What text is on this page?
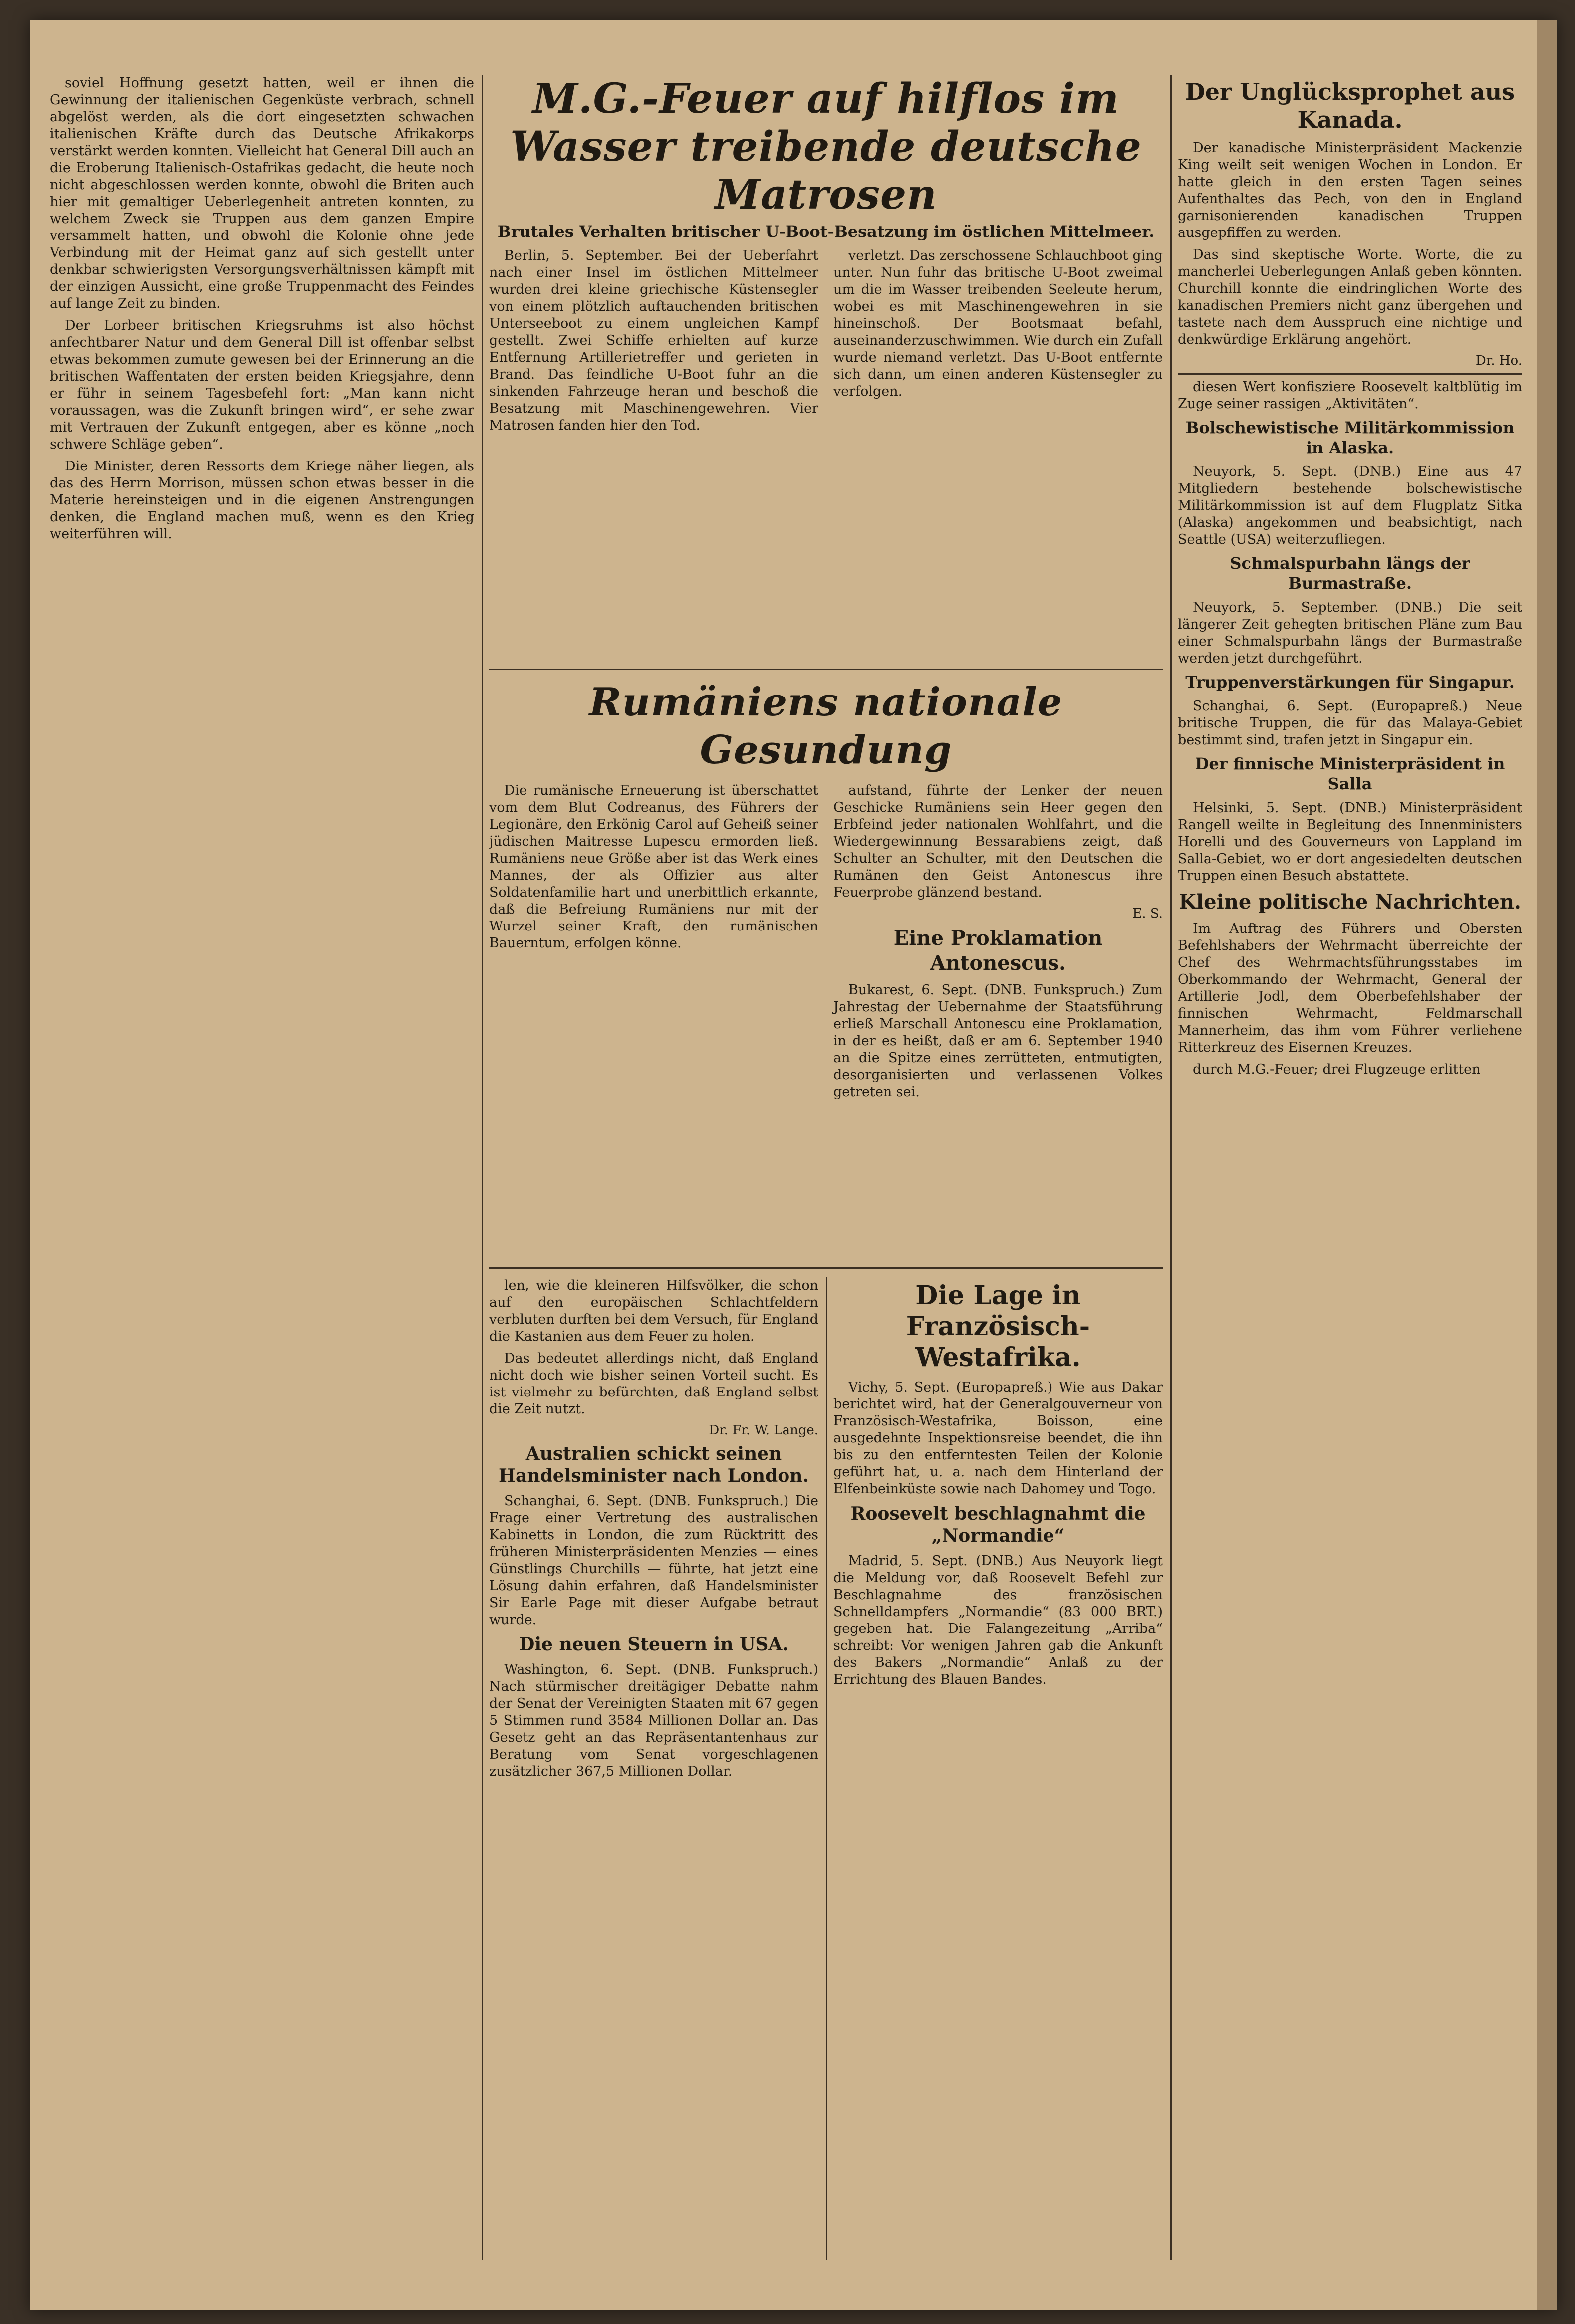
soviel Hoffnung gesetzt hatten, weil er ihnen die Gewinnung der italienischen Gegenküste verbrach, schnell abgelöst werden, als die dort eingesetzten schwachen italienischen Kräfte durch das Deutsche Afrikakorps verstärkt werden konnten. Vielleicht hat General Dill auch an die Eroberung Italienisch-Ostafrikas gedacht, die heute noch nicht abgeschlossen werden konnte, obwohl die Briten auch hier mit gemaltiger Ueberlegenheit antreten konnten, zu welchem Zweck sie Truppen aus dem ganzen Empire versammelt hatten, und obwohl die Kolonie ohne jede Verbindung mit der Heimat ganz auf sich gestellt unter denkbar schwierigsten Versorgungsverhältnissen kämpft mit der einzigen Aussicht, eine große Truppenmacht des Feindes auf lange Zeit zu binden.

Der Lorbeer britischen Kriegsruhms ist also höchst anfechtbarer Natur und dem General Dill ist offenbar selbst etwas bekommen zumute gewesen bei der Erinnerung an die britischen Waffentaten der ersten beiden Kriegsjahre, denn er führ in seinem Tagesbefehl fort: „Man kann nicht voraussagen, was die Zukunft bringen wird“, er sehe zwar mit Vertrauen der Zukunft entgegen, aber es könne „noch schwere Schläge geben“.

Die Minister, deren Ressorts dem Kriege näher liegen, als das des Herrn Morrison, müssen schon etwas besser in die Materie hereinsteigen und in die eigenen Anstrengungen denken, die England machen muß, wenn es den Krieg weiterführen will.

M.G.-Feuer auf hilflos im Wasser treibende deutsche Matrosen
Brutales Verhalten britischer U-Boot-Besatzung im östlichen Mittelmeer.

Berlin, 5. September. Bei der Ueberfahrt nach einer Insel im östlichen Mittelmeer wurden drei kleine griechische Küstensegler von einem plötzlich auftauchenden britischen Unterseeboot zu einem ungleichen Kampf gestellt. Zwei Schiffe erhielten auf kurze Entfernung Artillerietreffer und gerieten in Brand. Das feindliche U-Boot fuhr an die sinkenden Fahrzeuge heran und beschoß die Besatzung mit Maschinengewehren. Vier Matrosen fanden hier den Tod.

verletzt. Das zerschossene Schlauchboot ging unter. Nun fuhr das britische U-Boot zweimal um die im Wasser treibenden Seeleute herum, wobei es mit Maschinengewehren in sie hineinschoß. Der Bootsmaat befahl, auseinanderzuschwimmen. Wie durch ein Zufall wurde niemand verletzt. Das U-Boot entfernte sich dann, um einen anderen Küstensegler zu verfolgen.

Rumäniens nationale Gesundung

Die rumänische Erneuerung ist überschattet vom dem Blut Codreanus, des Führers der Legionäre, den Erkönig Carol auf Geheiß seiner jüdischen Maitresse Lupescu ermorden ließ. Rumäniens neue Größe aber ist das Werk eines Mannes, der als Offizier aus alter Soldatenfamilie hart und unerbittlich erkannte, daß die Befreiung Rumäniens nur mit der Wurzel seiner Kraft, den rumänischen Bauerntum, erfolgen könne.

aufstand, führte der Lenker der neuen Geschicke Rumäniens sein Heer gegen den Erbfeind jeder nationalen Wohlfahrt, und die Wiedergewinnung Bessarabiens zeigt, daß Schulter an Schulter, mit den Deutschen die Rumänen den Geist Antonescus ihre Feuerprobe glänzend bestand.

E. S.

Eine Proklamation Antonescus.

Bukarest, 6. Sept. (DNB. Funkspruch.) Zum Jahrestag der Uebernahme der Staatsführung erließ Marschall Antonescu eine Proklamation, in der es heißt, daß er am 6. September 1940 an die Spitze eines zerrütteten, entmutigten, desorganisierten und verlassenen Volkes getreten sei.

len, wie die kleineren Hilfsvölker, die schon auf den europäischen Schlachtfeldern verbluten durften bei dem Versuch, für England die Kastanien aus dem Feuer zu holen.

Das bedeutet allerdings nicht, daß England nicht doch wie bisher seinen Vorteil sucht. Es ist vielmehr zu befürchten, daß England selbst die Zeit nutzt.

Dr. Fr. W. Lange.

Australien schickt seinen Handelsminister nach London.

Schanghai, 6. Sept. (DNB. Funkspruch.) Die Frage einer Vertretung des australischen Kabinetts in London, die zum Rücktritt des früheren Ministerpräsidenten Menzies — eines Günstlings Churchills — führte, hat jetzt eine Lösung dahin erfahren, daß Handelsminister Sir Earle Page mit dieser Aufgabe betraut wurde.

Die neuen Steuern in USA.

Washington, 6. Sept. (DNB. Funkspruch.) Nach stürmischer dreitägiger Debatte nahm der Senat der Vereinigten Staaten mit 67 gegen 5 Stimmen rund 3584 Millionen Dollar an. Das Gesetz geht an das Repräsentantenhaus zur Beratung vom Senat vorgeschlagenen zusätzlicher 367,5 Millionen Dollar.

Die Lage in Französisch-Westafrika.

Vichy, 5. Sept. (Europapreß.) Wie aus Dakar berichtet wird, hat der Generalgouverneur von Französisch-Westafrika, Boisson, eine ausgedehnte Inspektionsreise beendet, die ihn bis zu den entferntesten Teilen der Kolonie geführt hat, u. a. nach dem Hinterland der Elfenbeinküste sowie nach Dahomey und Togo.

Roosevelt beschlagnahmt die „Normandie“

Madrid, 5. Sept. (DNB.) Aus Neuyork liegt die Meldung vor, daß Roosevelt Befehl zur Beschlagnahme des französischen Schnelldampfers „Normandie“ (83 000 BRT.) gegeben hat. Die Falangezeitung „Arriba“ schreibt: Vor wenigen Jahren gab die Ankunft des Bakers „Normandie“ Anlaß zu der Errichtung des Blauen Bandes.

Der Unglücksprophet aus Kanada.

Der kanadische Ministerpräsident Mackenzie King weilt seit wenigen Wochen in London. Er hatte gleich in den ersten Tagen seines Aufenthaltes das Pech, von den in England garnisonierenden kanadischen Truppen ausgepfiffen zu werden.

Das sind skeptische Worte. Worte, die zu mancherlei Ueberlegungen Anlaß geben könnten. Churchill konnte die eindringlichen Worte des kanadischen Premiers nicht ganz übergehen und tastete nach dem Ausspruch eine nichtige und denkwürdige Erklärung angehört.

Dr. Ho.

diesen Wert konfiszierе Roosevelt kaltblütig im Zuge seiner rassigen „Aktivitäten“.

Bolschewistische Militärkommission in Alaska.

Neuyork, 5. Sept. (DNB.) Eine aus 47 Mitgliedern bestehende bolschewistische Militärkommission ist auf dem Flugplatz Sitka (Alaska) angekommen und beabsichtigt, nach Seattle (USA) weiterzufliegen.

Schmalspurbahn längs der Burmastraße.

Neuyork, 5. September. (DNB.) Die seit längerer Zeit gehegten britischen Pläne zum Bau einer Schmalspurbahn längs der Burmastraße werden jetzt durchgeführt.

Truppenverstärkungen für Singapur.

Schanghai, 6. Sept. (Europapreß.) Neue britische Truppen, die für das Malaya-Gebiet bestimmt sind, trafen jetzt in Singapur ein.

Der finnische Ministerpräsident in Salla

Helsinki, 5. Sept. (DNB.) Ministerpräsident Rangell weilte in Begleitung des Innenministers Horelli und des Gouverneurs von Lappland im Salla-Gebiet, wo er dort angesiedelten deutschen Truppen einen Besuch abstattete.

Kleine politische Nachrichten.

Im Auftrag des Führers und Obersten Befehlshabers der Wehrmacht überreichte der Chef des Wehrmachtsführungsstabes im Oberkommando der Wehrmacht, General der Artillerie Jodl, dem Oberbefehlshaber der finnischen Wehrmacht, Feldmarschall Mannerheim, das ihm vom Führer verliehene Ritterkreuz des Eisernen Kreuzes.

durch M.G.-Feuer; drei Flugzeuge erlitten
